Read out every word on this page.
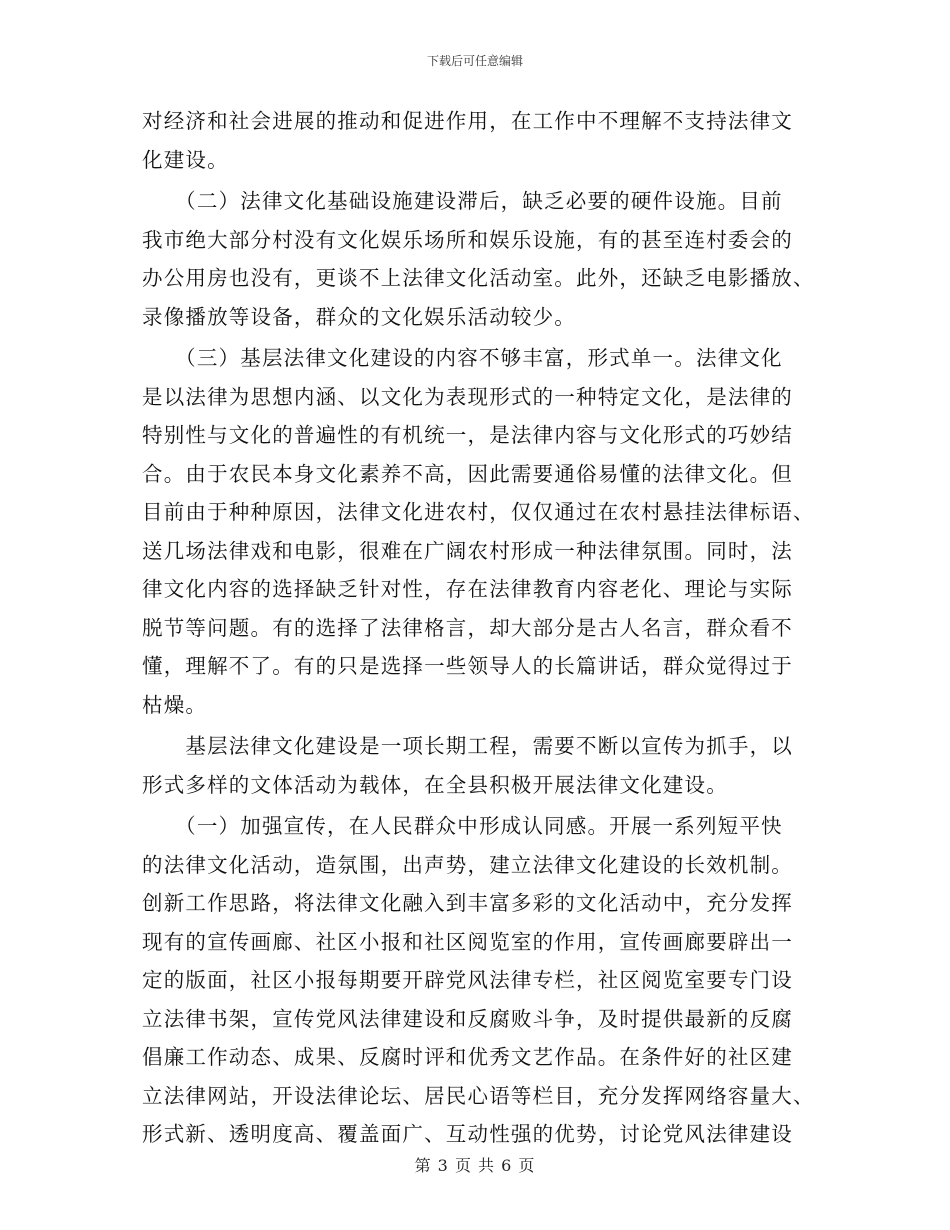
下载后可任意编辑
对经济和社会进展的推动和促进作用，在工作中不理解不支持法律文
化建设。
　　（二）法律文化基础设施建设滞后，缺乏必要的硬件设施。目前
我市绝大部分村没有文化娱乐场所和娱乐设施，有的甚至连村委会的
办公用房也没有，更谈不上法律文化活动室。此外，还缺乏电影播放、
录像播放等设备，群众的文化娱乐活动较少。
　　（三）基层法律文化建设的内容不够丰富，形式单一。法律文化
是以法律为思想内涵、以文化为表现形式的一种特定文化，是法律的
特别性与文化的普遍性的有机统一，是法律内容与文化形式的巧妙结
合。由于农民本身文化素养不高，因此需要通俗易懂的法律文化。但
目前由于种种原因，法律文化进农村，仅仅通过在农村悬挂法律标语、
送几场法律戏和电影，很难在广阔农村形成一种法律氛围。同时，法
律文化内容的选择缺乏针对性，存在法律教育内容老化、理论与实际
脱节等问题。有的选择了法律格言，却大部分是古人名言，群众看不
懂，理解不了。有的只是选择一些领导人的长篇讲话，群众觉得过于
枯燥。
　　基层法律文化建设是一项长期工程，需要不断以宣传为抓手，以
形式多样的文体活动为载体，在全县积极开展法律文化建设。
　　（一）加强宣传，在人民群众中形成认同感。开展一系列短平快
的法律文化活动，造氛围，出声势，建立法律文化建设的长效机制。
创新工作思路，将法律文化融入到丰富多彩的文化活动中，充分发挥
现有的宣传画廊、社区小报和社区阅览室的作用，宣传画廊要辟出一
定的版面，社区小报每期要开辟党风法律专栏，社区阅览室要专门设
立法律书架，宣传党风法律建设和反腐败斗争，及时提供最新的反腐
倡廉工作动态、成果、反腐时评和优秀文艺作品。在条件好的社区建
立法律网站，开设法律论坛、居民心语等栏目，充分发挥网络容量大、
形式新、透明度高、覆盖面广、互动性强的优势，讨论党风法律建设
第 3 页 共 6 页
